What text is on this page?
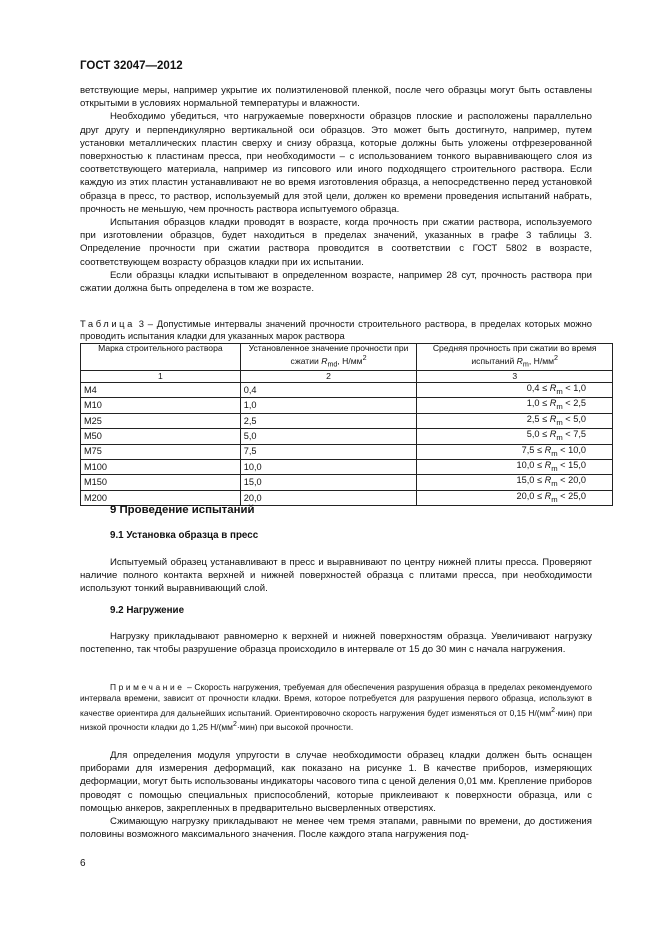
ГОСТ 32047—2012

ветствующие меры, например укрытие их полиэтиленовой пленкой, после чего образцы могут быть оставлены открытыми в условиях нормальной температуры и влажности.

Необходимо убедиться, что нагружаемые поверхности образцов плоские и расположены параллельно друг другу и перпендикулярно вертикальной оси образцов. Это может быть достигнуто, например, путем установки металлических пластин сверху и снизу образца, которые должны быть уложены отфрезерованной поверхностью к пластинам пресса, при необходимости – с использованием тонкого выравнивающего слоя из соответствующего материала, например из гипсового или иного подходящего строительного раствора. Если каждую из этих пластин устанавливают не во время изготовления образца, а непосредственно перед установкой образца в пресс, то раствор, используемый для этой цели, должен ко времени проведения испытаний набрать, прочность не меньшую, чем прочность раствора испытуемого образца.

Испытания образцов кладки проводят в возрасте, когда прочность при сжатии раствора, используемого при изготовлении образцов, будет находиться в пределах значений, указанных в графе 3 таблицы 3. Определение прочности при сжатии раствора проводится в соответствии с ГОСТ 5802 в возрасте, соответствующем возрасту образцов кладки при их испытании.

Если образцы кладки испытывают в определенном возрасте, например 28 сут, прочность раствора при сжатии должна быть определена в том же возрасте.

Таблица 3 – Допустимые интервалы значений прочности строительного раствора, в пределах которых можно проводить испытания кладки для указанных марок раствора
Марка строительного раствора	Установленное значение прочности при сжатии $R_{md}$, $Н/мм^2$	Средняя прочность при сжатии во время испытаний $R_m$, $Н/мм^2$
1	2	3
М4	0,4	$0,4 \le R_m < 1,0$
М10	1,0	$1,0 \le R_m < 2,5$
М25	2,5	$2,5 \le R_m < 5,0$
М50	5,0	$5,0 \le R_m < 7,5$
М75	7,5	$7,5 \le R_m < 10,0$
М100	10,0	$10,0 \le R_m < 15,0$
М150	15,0	$15,0 \le R_m < 20,0$
М200	20,0	$20,0 \le R_m < 25,0$
9 Проведение испытаний
9.1 Установка образца в пресс

Испытуемый образец устанавливают в пресс и выравнивают по центру нижней плиты пресса. Проверяют наличие полного контакта верхней и нижней поверхностей образца с плитами пресса, при необходимости используют тонкий выравнивающий слой.

9.2 Нагружение

Нагрузку прикладывают равномерно к верхней и нижней поверхностям образца. Увеличивают нагрузку постепенно, так чтобы разрушение образца происходило в интервале от 15 до 30 мин с начала нагружения.

Примечание – Скорость нагружения, требуемая для обеспечения разрушения образца в пределах рекомендуемого интервала времени, зависит от прочности кладки. Время, которое потребуется для разрушения первого образца, используют в качестве ориентира для дальнейших испытаний. Ориентировочно скорость нагружения будет изменяться от 0,15 $Н/(мм^2\cdot мин)$ при низкой прочности кладки до 1,25 $Н/(мм^2\cdot мин)$ при высокой прочности.

Для определения модуля упругости в случае необходимости образец кладки должен быть оснащен приборами для измерения деформаций, как показано на рисунке 1. В качестве приборов, измеряющих деформации, могут быть использованы индикаторы часового типа с ценой деления 0,01 мм. Крепление приборов проводят с помощью специальных приспособлений, которые приклеивают к поверхности образца, или с помощью анкеров, закрепленных в предварительно высверленных отверстиях.

Сжимающую нагрузку прикладывают не менее чем тремя этапами, равными по времени, до достижения половины возможного максимального значения. После каждого этапа нагружения под-

6
